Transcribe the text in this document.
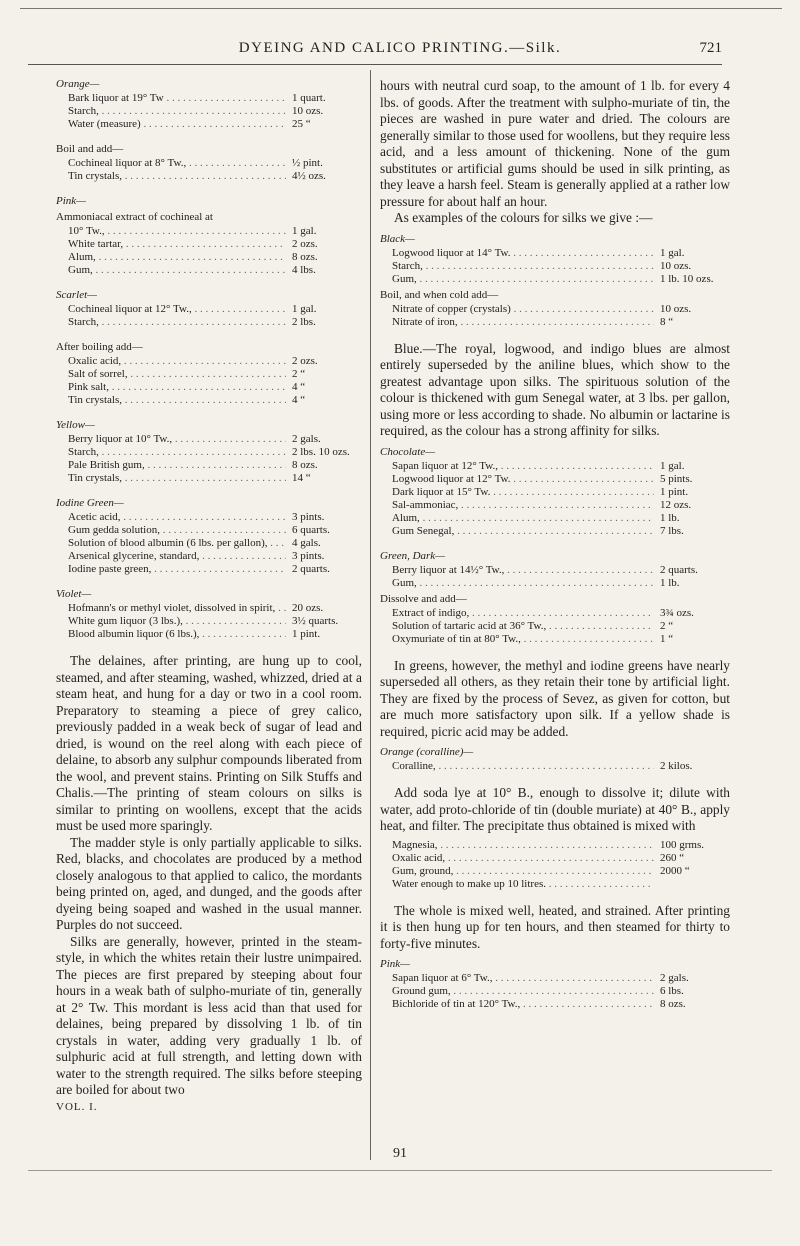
DYEING AND CALICO PRINTING.—Silk.	721
Orange—
Bark liquor at 19° Tw . . .	1 quart.
Starch, . . .	10 ozs.
Water (measure) . . .	25 “
Boil and add—
Cochineal liquor at 8° Tw., . . .	½ pint.
Tin crystals, . . .	4½ ozs.
Pink—
Ammoniacal extract of cochineal at
10° Tw., . . .	1 gal.
White tartar, . . .	2 ozs.
Alum, . . .	8 ozs.
Gum, . . .	4 lbs.
Scarlet—
Cochineal liquor at 12° Tw., . . .	1 gal.
Starch, . . .	2 lbs.
After boiling add—
Oxalic acid, . . .	2 ozs.
Salt of sorrel, . . .	2 “
Pink salt, . . .	4 “
Tin crystals, . . .	4 “
Yellow—
Berry liquor at 10° Tw., . . .	2 gals.
Starch, . . .	2 lbs. 10 ozs.
Pale British gum, . . .	8 ozs.
Tin crystals, . . .	14 “
Iodine Green—
Acetic acid, . . .	3 pints.
Gum gedda solution, . . .	6 quarts.
Solution of blood albumin (6 lbs. per gallon), . . .	4 gals.
Arsenical glycerine, standard, . . .	3 pints.
Iodine paste green, . . .	2 quarts.
Violet—
Hofmann's or methyl violet, dissolved in spirit, . . .	20 ozs.
White gum liquor (3 lbs.), . . .	3½ quarts.
Blood albumin liquor (6 lbs.), . . .	1 pint.

The delaines, after printing, are hung up to cool, steamed, and after steaming, washed, whizzed, dried at a steam heat, and hung for a day or two in a cool room. Preparatory to steaming a piece of grey calico, previously padded in a weak beck of sugar of lead and dried, is wound on the reel along with each piece of delaine, to absorb any sulphur compounds liberated from the wool, and prevent stains. Printing on Silk Stuffs and Chalis.—The printing of steam colours on silks is similar to printing on woollens, except that the acids must be used more sparingly.

The madder style is only partially applicable to silks. Red, blacks, and chocolates are produced by a method closely analogous to that applied to calico, the mordants being printed on, aged, and dunged, and the goods after dyeing being soaped and washed in the usual manner. Purples do not succeed.

Silks are generally, however, printed in the steam-style, in which the whites retain their lustre unimpaired. The pieces are first prepared by steeping about four hours in a weak bath of sulpho-muriate of tin, generally at 2° Tw. This mordant is less acid than that used for delaines, being prepared by dissolving 1 lb. of tin crystals in water, adding very gradually 1 lb. of sulphuric acid at full strength, and letting down with water to the strength required. The silks before steeping are boiled for about two

VOL. I.

hours with neutral curd soap, to the amount of 1 lb. for every 4 lbs. of goods. After the treatment with sulpho-muriate of tin, the pieces are washed in pure water and dried. The colours are generally similar to those used for woollens, but they require less acid, and a less amount of thickening. None of the gum substitutes or artificial gums should be used in silk printing, as they leave a harsh feel. Steam is generally applied at a rather low pressure for about half an hour.

As examples of the colours for silks we give :—

Black—
Logwood liquor at 14° Tw. . . .	1 gal.
Starch, . . .	10 ozs.
Gum, . . .	1 lb. 10 ozs.
Boil, and when cold add—
Nitrate of copper (crystals) . . .	10 ozs.
Nitrate of iron, . . .	8 “

Blue.—The royal, logwood, and indigo blues are almost entirely superseded by the aniline blues, which show to the greatest advantage upon silks. The spirituous solution of the colour is thickened with gum Senegal water, at 3 lbs. per gallon, using more or less according to shade. No albumin or lactarine is required, as the colour has a strong affinity for silks.

Chocolate—
Sapan liquor at 12° Tw., . . .	1 gal.
Logwood liquor at 12° Tw. . . .	5 pints.
Dark liquor at 15° Tw. . . .	1 pint.
Sal-ammoniac, . . .	12 ozs.
Alum, . . .	1 lb.
Gum Senegal, . . .	7 lbs.
Green, Dark—
Berry liquor at 14½° Tw., . . .	2 quarts.
Gum, . . .	1 lb.
Dissolve and add—
Extract of indigo, . . .	3¾ ozs.
Solution of tartaric acid at 36° Tw., . . .	2 “
Oxymuriate of tin at 80° Tw., . . .	1 “

In greens, however, the methyl and iodine greens have nearly superseded all others, as they retain their tone by artificial light. They are fixed by the process of Sevez, as given for cotton, but are much more satisfactory upon silk. If a yellow shade is required, picric acid may be added.

Orange (coralline)—
Coralline, . . .	2 kilos.

Add soda lye at 10° B., enough to dissolve it; dilute with water, add proto-chloride of tin (double muriate) at 40° B., apply heat, and filter. The precipitate thus obtained is mixed with

Magnesia, . . .	100 grms.
Oxalic acid, . . .	260 “
Gum, ground, . . .	2000 “
Water enough to make up 10 litres. . . .

The whole is mixed well, heated, and strained. After printing it is then hung up for ten hours, and then steamed for thirty to forty-five minutes.

Pink—
Sapan liquor at 6° Tw., . . .	2 gals.
Ground gum, . . .	6 lbs.
Bichloride of tin at 120° Tw., . . .	8 ozs.
91
